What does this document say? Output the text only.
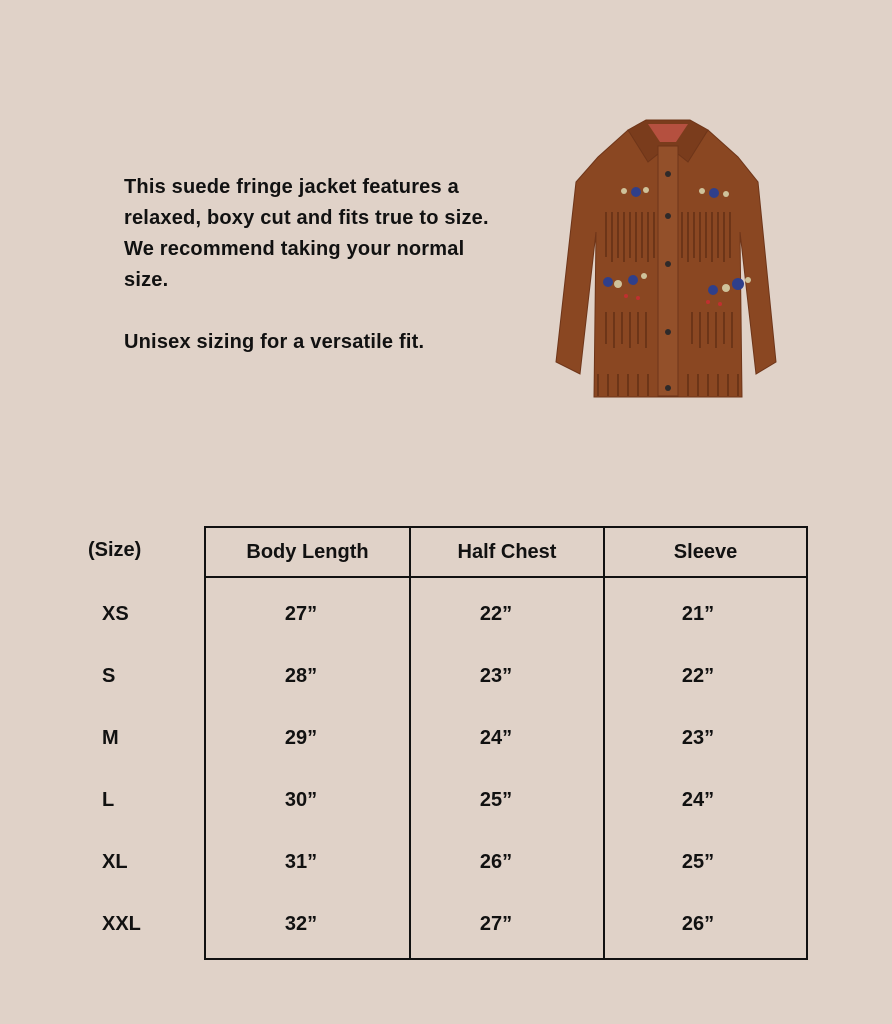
This suede fringe jacket features a relaxed, boxy cut and fits true to size. We recommend taking your normal size.

Unisex sizing for a versatile fit.

(Size)	Body Length	Half Chest	Sleeve
XS	27”	22”	21”
S	28”	23”	22”
M	29”	24”	23”
L	30”	25”	24”
XL	31”	26”	25”
XXL	32”	27”	26”
